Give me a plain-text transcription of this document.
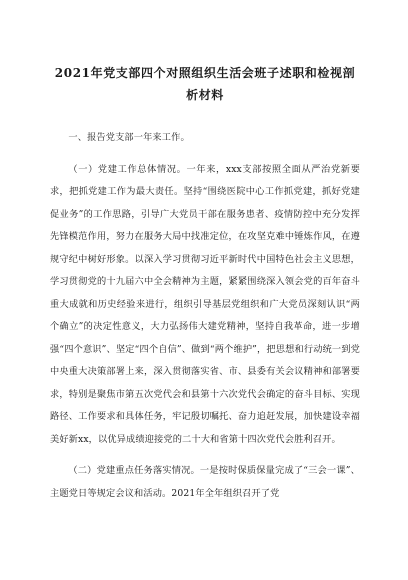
2021年党支部四个对照组织生活会班子述职和检视剖析材料

一、报告党支部一年来工作。

（一）党建工作总体情况。一年来，xxx支部按照全面从严治党新要求，把抓党建工作为最大责任。坚持“围绕医院中心工作抓党建，抓好党建促业务”的工作思路，引导广大党员干部在服务患者、疫情防控中充分发挥先锋模范作用，努力在服务大局中找准定位，在攻坚克难中锤炼作风，在遵规守纪中树好形象。以深入学习贯彻习近平新时代中国特色社会主义思想，学习贯彻党的十九届六中全会精神为主题，紧紧围绕深入领会党的百年奋斗重大成就和历史经验来进行，组织引导基层党组织和广大党员深刻认识“两个确立”的决定性意义，大力弘扬伟大建党精神，坚持自我革命，进一步增强“四个意识”、坚定“四个自信”、做到“两个维护”，把思想和行动统一到党中央重大决策部署上来，深入贯彻落实省、市、县委有关会议精神和部署要求，特别是聚焦市第五次党代会和县第十六次党代会确定的奋斗目标、实现路径、工作要求和具体任务，牢记殷切嘱托、奋力追赶发展，加快建设幸福美好新xx，以优异成绩迎接党的二十大和省第十四次党代会胜利召开。

（二）党建重点任务落实情况。一是按时保质保量完成了“三会一课”、主题党日等规定会议和活动。2021年全年组织召开了党
